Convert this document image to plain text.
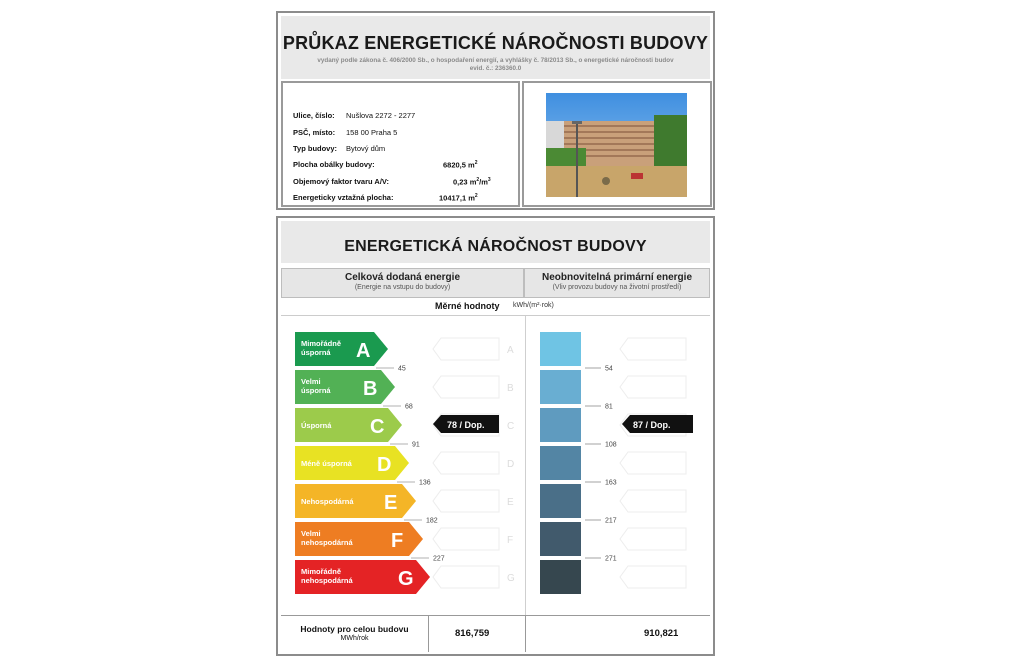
PRŮKAZ ENERGETICKÉ NÁROČNOSTI BUDOVY
vydaný podle zákona č. 406/2000 Sb., o hospodaření energií, a vyhlášky č. 78/2013 Sb., o energetické náročnosti budov
evid. č.: 236360.0
Ulice, číslo: Nušlova 2272 - 2277
PSČ, místo: 158 00 Praha 5
Typ budovy: Bytový dům
Plocha obálky budovy:	6820,5 $m^2$
Objemový faktor tvaru A/V:	0,23 $m^2/m^3$
Energeticky vztažná plocha:	10417,1 $m^2$
ENERGETICKÁ NÁROČNOST BUDOVY
Celková dodaná energie
(Energie na vstupu do budovy)
Neobnovitelná primární energie
(Vliv provozu budovy na životní prostředí)
Měrné hodnoty kWh/(m²·rok)
Mimořádně
úsporná A	A
Velmi
úsporná B	B
Úsporná C	C
Méně úsporná D	D
Nehospodárná E	E
Velmi
nehospodárná F	F
Mimořádně
nehospodárná G	G
45
68
91
136
182
227
54
81
108
163
217
271
78 / Dop.	87 / Dop.
Hodnoty pro celou budovu
MWh/rok	816,759	910,821
